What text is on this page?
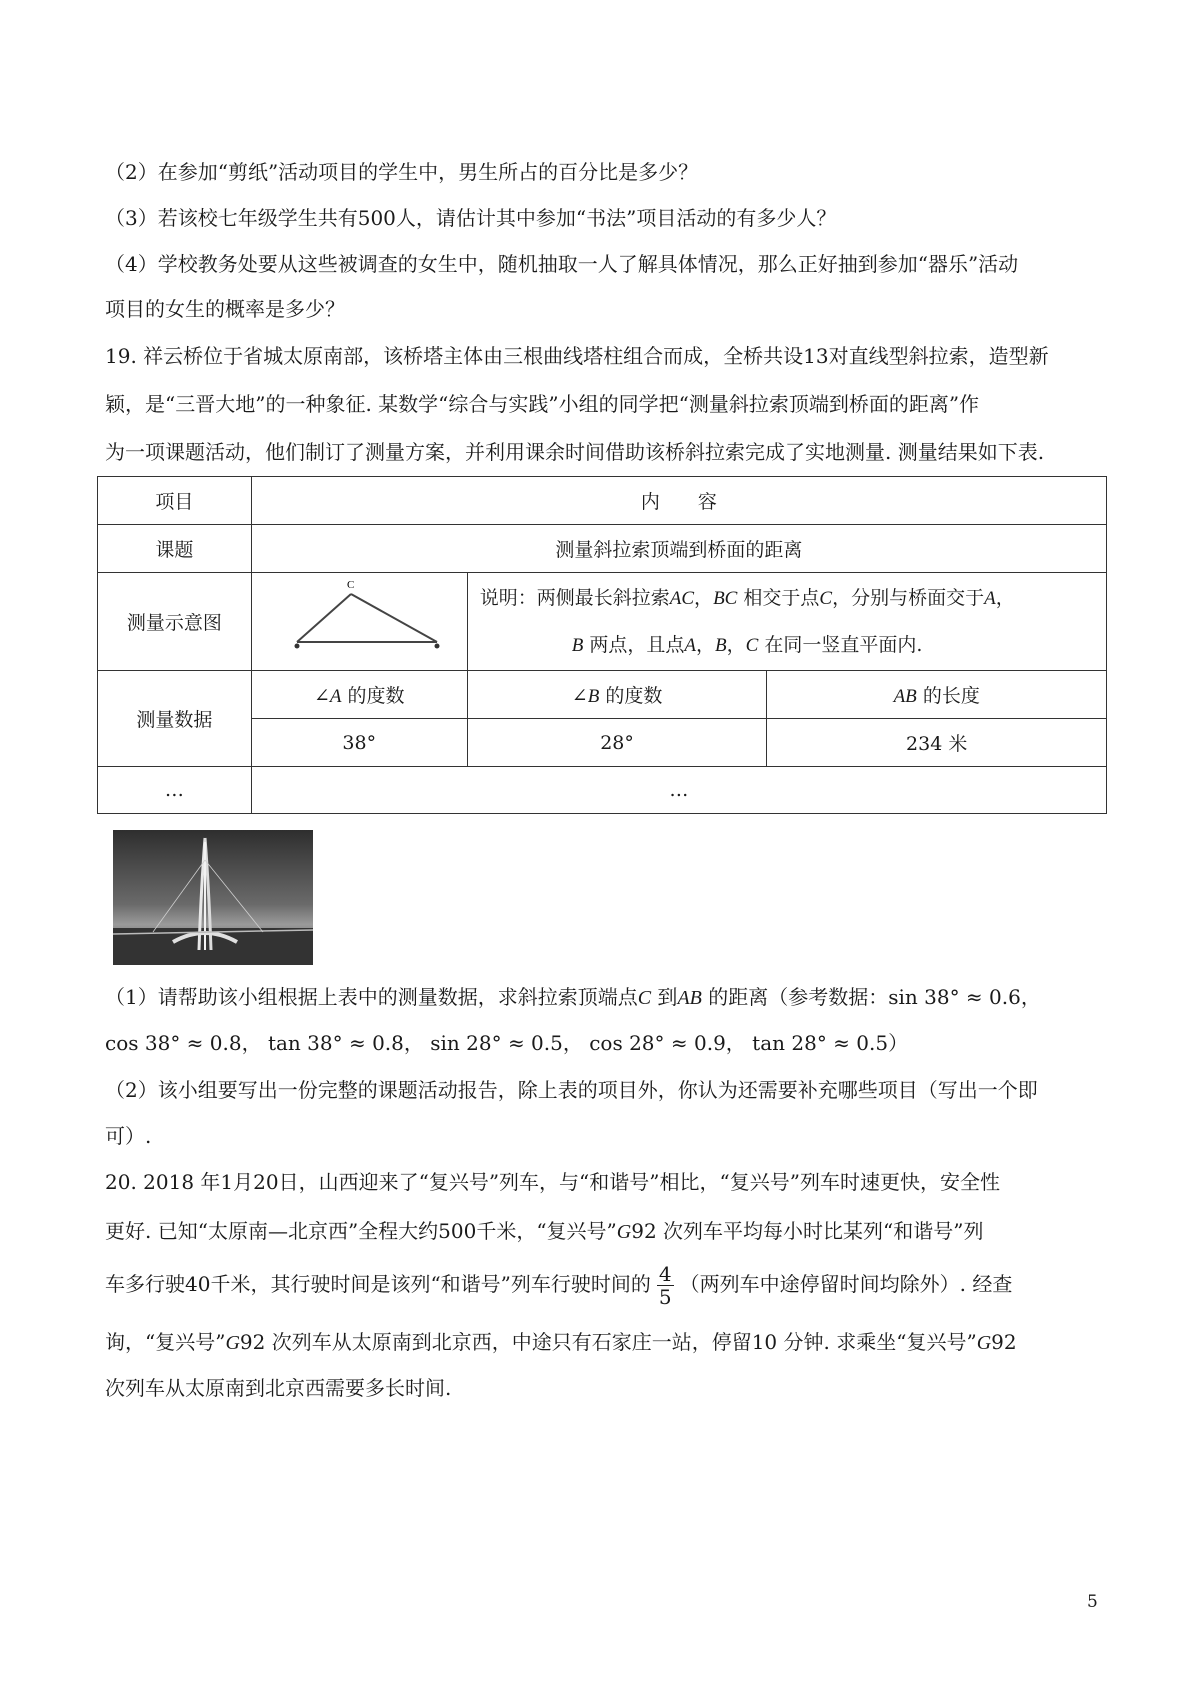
（2）在参加“剪纸”活动项目的学生中，男生所占的百分比是多少？
（3）若该校七年级学生共有500人，请估计其中参加“书法”项目活动的有多少人？
（4）学校教务处要从这些被调查的女生中，随机抽取一人了解具体情况，那么正好抽到参加“器乐”活动
项目的女生的概率是多少？
19. 祥云桥位于省城太原南部，该桥塔主体由三根曲线塔柱组合而成，全桥共设13对直线型斜拉索，造型新
颖，是“三晋大地”的一种象征. 某数学“综合与实践”小组的同学把“测量斜拉索顶端到桥面的距离”作
为一项课题活动，他们制订了测量方案，并利用课余时间借助该桥斜拉索完成了实地测量. 测量结果如下表.
项目	内　　容		
课题	测量斜拉索顶端到桥面的距离		
测量示意图	C	说明：两侧最长斜拉索AC，BC 相交于点C，分别与桥面交于A，
B 两点，且点A，B，C 在同一竖直平面内.	

测量数据	∠A 的度数	∠B 的度数	AB 的长度
	38°	28°	234 米
…	…		
（1）请帮助该小组根据上表中的测量数据，求斜拉索顶端点C 到AB 的距离（参考数据：sin 38° ≈ 0.6，
cos 38° ≈ 0.8， tan 38° ≈ 0.8， sin 28° ≈ 0.5， cos 28° ≈ 0.9， tan 28° ≈ 0.5）
（2）该小组要写出一份完整的课题活动报告，除上表的项目外，你认为还需要补充哪些项目（写出一个即
可）.
20. 2018 年1月20日，山西迎来了“复兴号”列车，与“和谐号”相比，“复兴号”列车时速更快，安全性
更好. 已知“太原南—北京西”全程大约500千米，“复兴号”G92 次列车平均每小时比某列“和谐号”列
车多行驶40千米，其行驶时间是该列“和谐号”列车行驶时间的 $\frac{4}{5}$ （两列车中途停留时间均除外）. 经查
询，“复兴号”G92 次列车从太原南到北京西，中途只有石家庄一站，停留10 分钟. 求乘坐“复兴号”G92
次列车从太原南到北京西需要多长时间.
5
